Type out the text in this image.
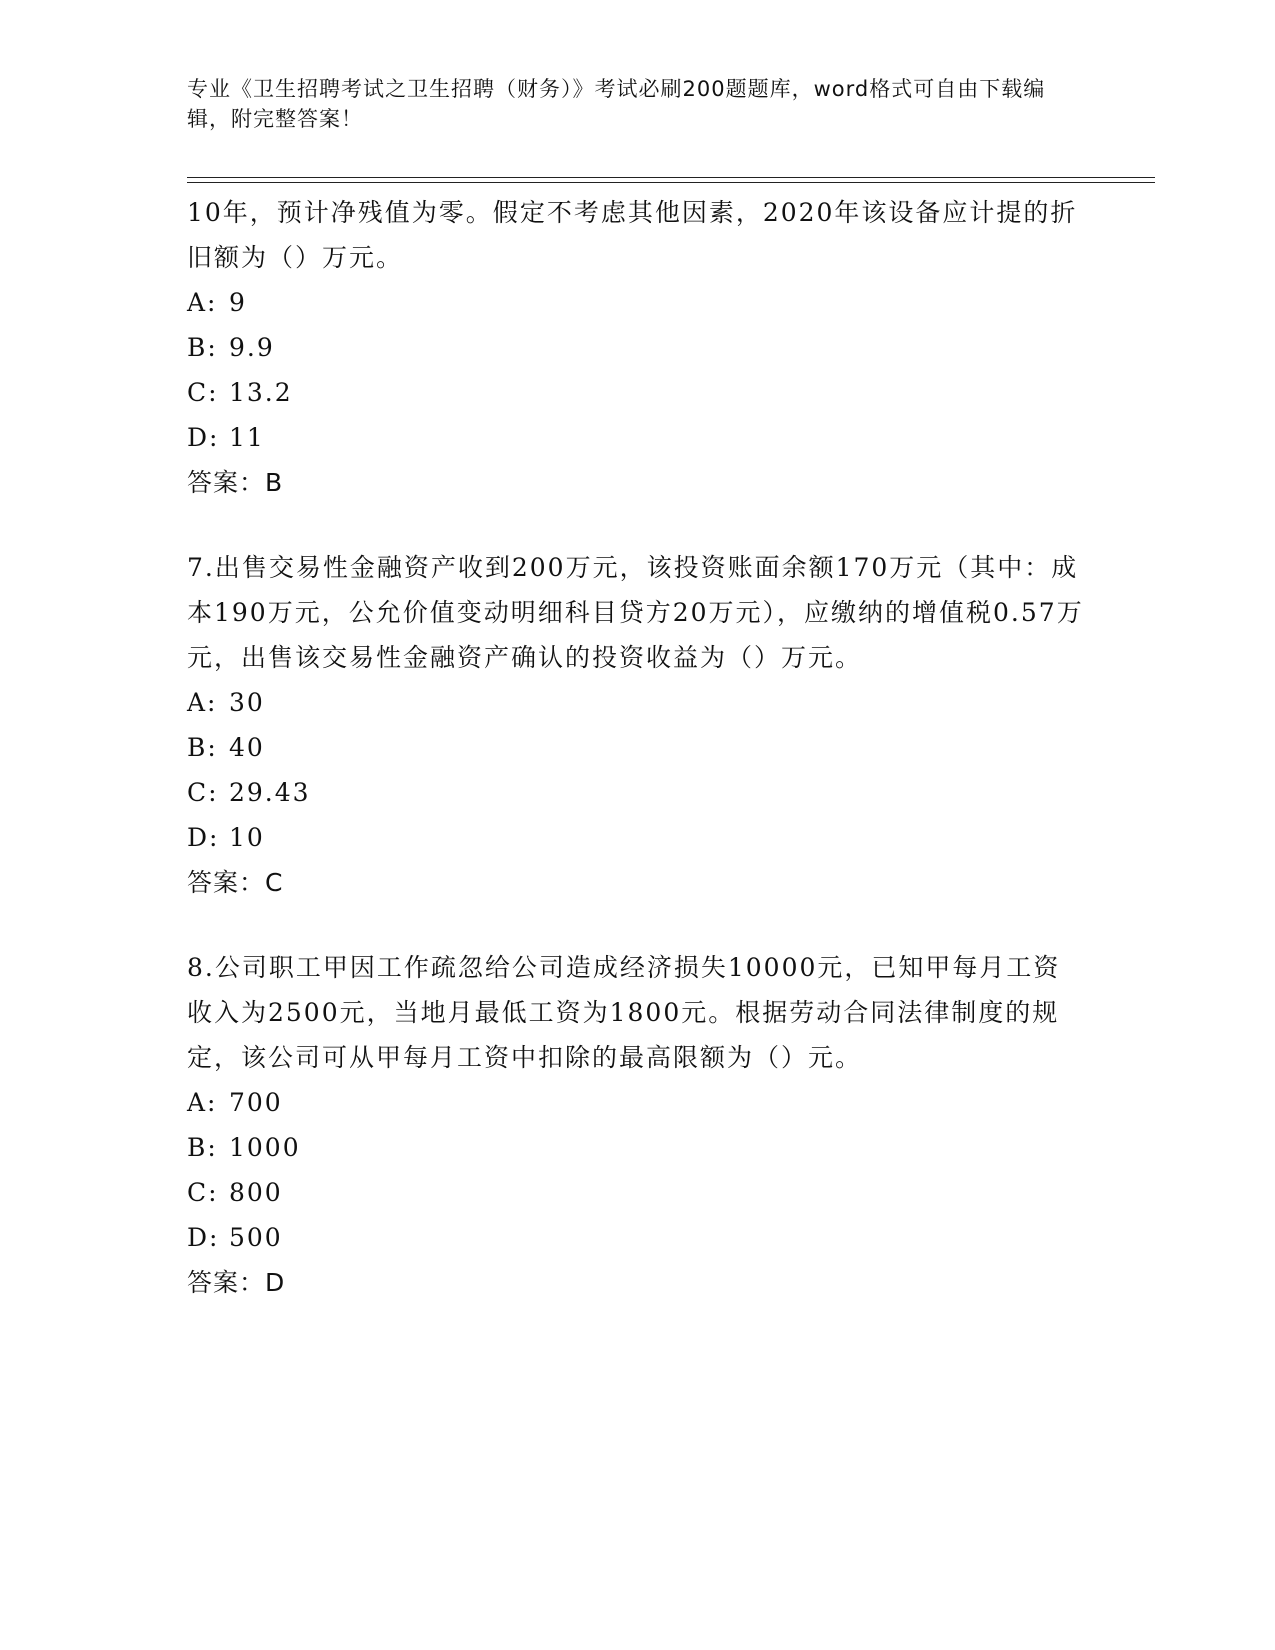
专业《卫生招聘考试之卫生招聘（财务）》考试必刷200题题库，word格式可自由下载编辑，附完整答案！

10年，预计净残值为零。假定不考虑其他因素，2020年该设备应计提的折旧额为（）万元。

A: 9
B: 9.9
C: 13.2
D: 11
答案：B

7.出售交易性金融资产收到200万元，该投资账面余额170万元（其中：成本190万元，公允价值变动明细科目贷方20万元），应缴纳的增值税0.57万元，出售该交易性金融资产确认的投资收益为（）万元。

A: 30
B: 40
C: 29.43
D: 10
答案：C

8.公司职工甲因工作疏忽给公司造成经济损失10000元，已知甲每月工资收入为2500元，当地月最低工资为1800元。根据劳动合同法律制度的规定，该公司可从甲每月工资中扣除的最高限额为（）元。

A: 700
B: 1000
C: 800
D: 500
答案：D
